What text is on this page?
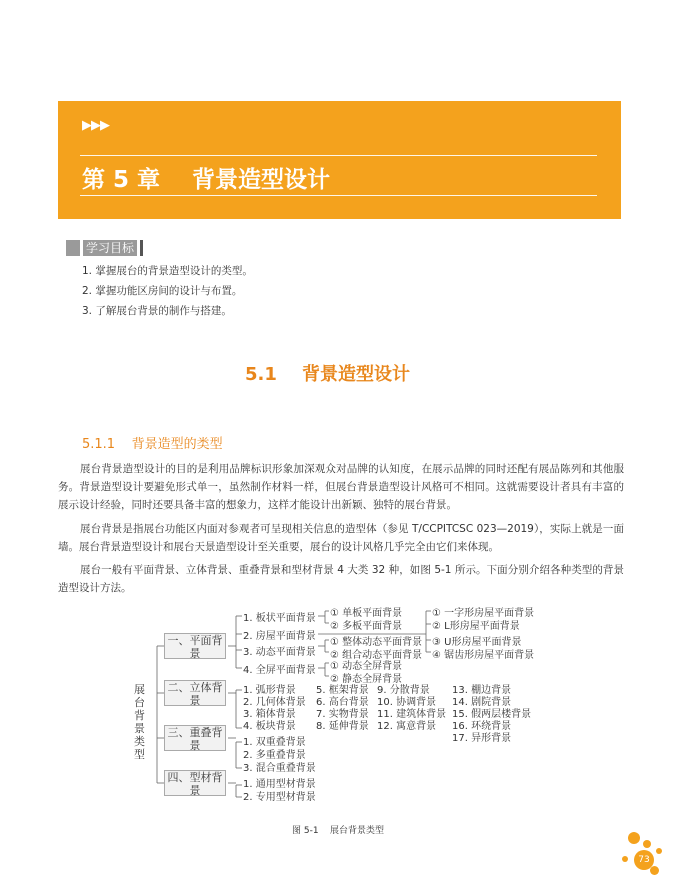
▶▶▶
第 5 章    背景造型设计
学习目标
1. 掌握展台的背景造型设计的类型。
2. 掌握功能区房间的设计与布置。
3. 了解展台背景的制作与搭建。
5.1    背景造型设计
5.1.1    背景造型的类型
展台背景造型设计的目的是利用品牌标识形象加深观众对品牌的认知度，在展示品牌的同时还配有展品陈列和其他服务。背景造型设计要避免形式单一，虽然制作材料一样，但展台背景造型设计风格可不相同。这就需要设计者具有丰富的展示设计经验，同时还要具备丰富的想象力，这样才能设计出新颖、独特的展台背景。
展台背景是指展台功能区内面对参观者可呈现相关信息的造型体（参见 T/CCPITCSC 023—2019），实际上就是一面墙。展台背景造型设计和展台天景造型设计至关重要，展台的设计风格几乎完全由它们来体现。
展台一般有平面背景、立体背景、重叠背景和型材背景 4 大类 32 种，如图 5-1 所示。下面分别介绍各种类型的背景造型设计方法。
展台背景类型
一、平面背景
二、立体背景
三、重叠背景
四、型材背景
1. 板状平面背景
2. 房屋平面背景
3. 动态平面背景
4. 全屏平面背景
① 单板平面背景
② 多板平面背景
① 整体动态平面背景
② 组合动态平面背景
① 动态全屏背景
② 静态全屏背景
① 一字形房屋平面背景
② L形房屋平面背景
③ U形房屋平面背景
④ 锯齿形房屋平面背景
1. 弧形背景
2. 几何体背景
3. 箱体背景
4. 板块背景
5. 框架背景
6. 高台背景
7. 实物背景
8. 延伸背景
9. 分散背景
10. 协调背景
11. 建筑体背景
12. 寓意背景
13. 棚边背景
14. 剧院背景
15. 假两层楼背景
16. 环绕背景
17. 异形背景
1. 双重叠背景
2. 多重叠背景
3. 混合重叠背景
1. 通用型材背景
2. 专用型材背景
图 5-1    展台背景类型
73
